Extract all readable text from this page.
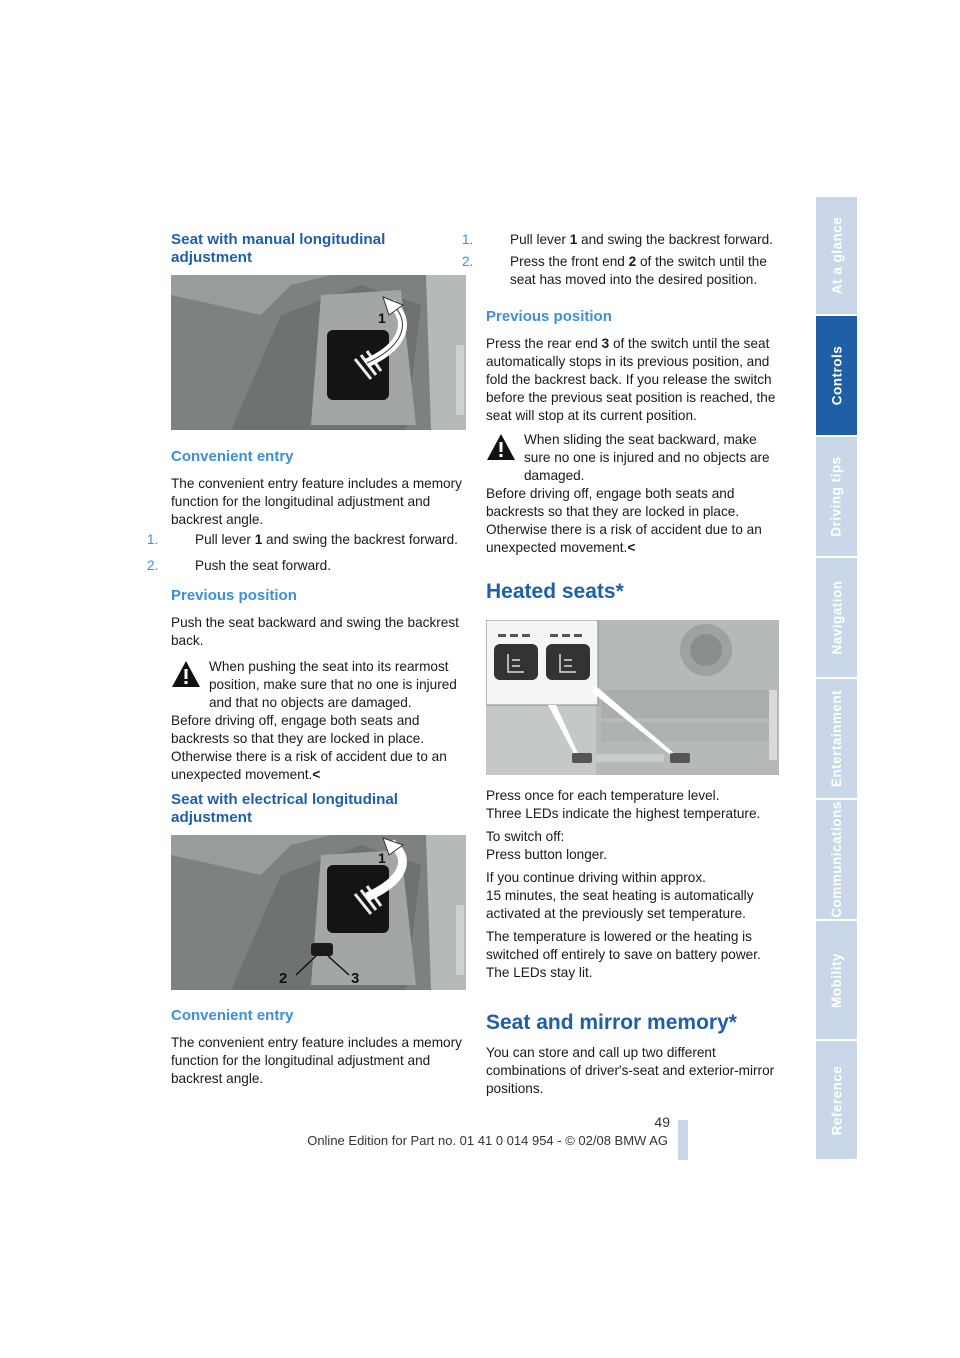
Seat with manual longitudinal adjustment
1
Convenient entry

The convenient entry feature includes a memory function for the longitudinal adjustment and backrest angle.

1.	Pull lever 1 and swing the backrest forward.

2.	Push the seat forward.

Previous position

Push the seat backward and swing the backrest back.

When pushing the seat into its rearmost position, make sure that no one is injured and that no objects are damaged.

Before driving off, engage both seats and backrests so that they are locked in place. Otherwise there is a risk of accident due to an unexpected movement.<

Seat with electrical longitudinal adjustment
1
2	3
Convenient entry

The convenient entry feature includes a memory function for the longitudinal adjustment and backrest angle.

1.	Pull lever 1 and swing the backrest forward.

2.	Press the front end 2 of the switch until the seat has moved into the desired position.

Previous position

Press the rear end 3 of the switch until the seat automatically stops in its previous position, and fold the backrest back. If you release the switch before the previous seat position is reached, the seat will stop at its current position.

When sliding the seat backward, make sure no one is injured and no objects are damaged.

Before driving off, engage both seats and backrests so that they are locked in place. Otherwise there is a risk of accident due to an unexpected movement.<

Heated seats*

Press once for each temperature level.

Three LEDs indicate the highest temperature.

To switch off:

Press button longer.

If you continue driving within approx.

15 minutes, the seat heating is automatically activated at the previously set temperature.

The temperature is lowered or the heating is switched off entirely to save on battery power. The LEDs stay lit.

Seat and mirror memory*

You can store and call up two different combinations of driver's-seat and exterior-mirror positions.

At a glance
Controls
Driving tips
Navigation
Entertainment
Communications
Mobility
Reference
49
Online Edition for Part no. 01 41 0 014 954 - © 02/08 BMW AG
